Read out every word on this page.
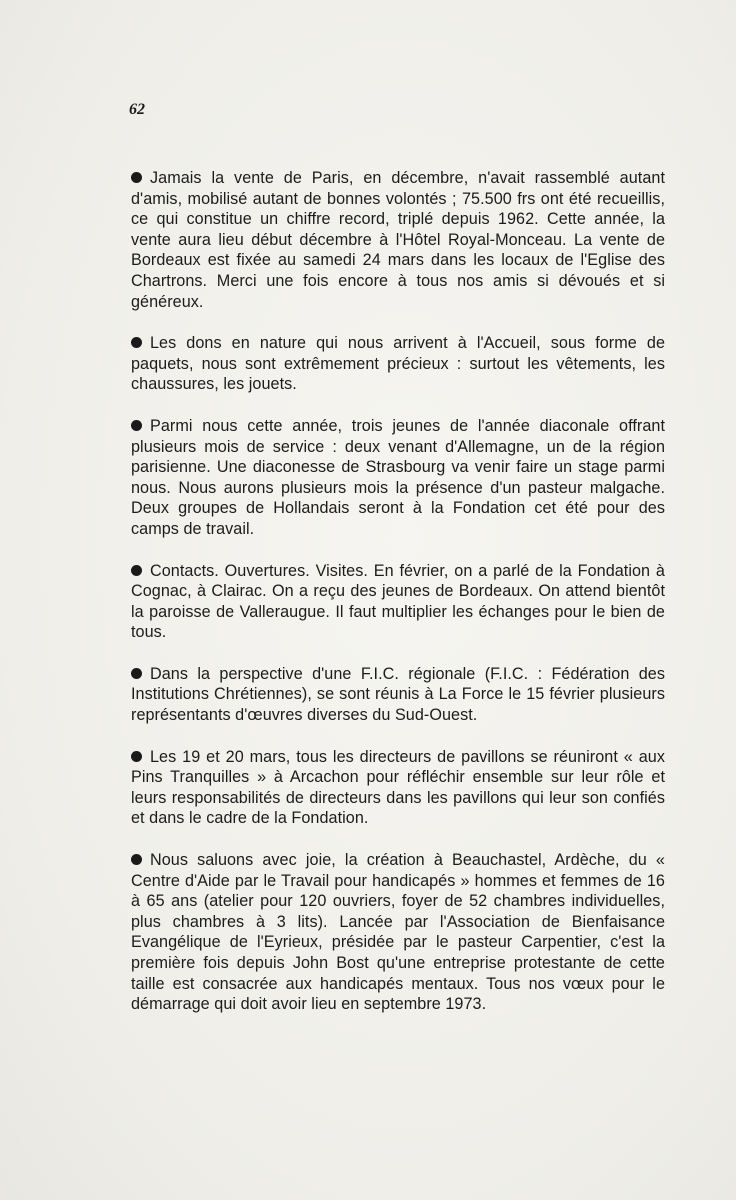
62

Jamais la vente de Paris, en décembre, n'avait rassemblé autant d'amis, mobilisé autant de bonnes volontés ; 75.500 frs ont été recueillis, ce qui constitue un chiffre record, triplé depuis 1962. Cette année, la vente aura lieu début décembre à l'Hôtel Royal-Monceau. La vente de Bordeaux est fixée au samedi 24 mars dans les locaux de l'Eglise des Chartrons. Merci une fois encore à tous nos amis si dévoués et si généreux.

Les dons en nature qui nous arrivent à l'Accueil, sous forme de paquets, nous sont extrêmement précieux : surtout les vêtements, les chaussures, les jouets.

Parmi nous cette année, trois jeunes de l'année diaconale offrant plusieurs mois de service : deux venant d'Allemagne, un de la région parisienne. Une diaconesse de Strasbourg va venir faire un stage parmi nous. Nous aurons plusieurs mois la présence d'un pasteur malgache. Deux groupes de Hollandais seront à la Fondation cet été pour des camps de travail.

Contacts. Ouvertures. Visites. En février, on a parlé de la Fondation à Cognac, à Clairac. On a reçu des jeunes de Bordeaux. On attend bientôt la paroisse de Valleraugue. Il faut multiplier les échanges pour le bien de tous.

Dans la perspective d'une F.I.C. régionale (F.I.C. : Fédération des Institutions Chrétiennes), se sont réunis à La Force le 15 février plusieurs représentants d'œuvres diverses du Sud-Ouest.

Les 19 et 20 mars, tous les directeurs de pavillons se réuniront « aux Pins Tranquilles » à Arcachon pour réfléchir ensemble sur leur rôle et leurs responsabilités de directeurs dans les pavillons qui leur son confiés et dans le cadre de la Fondation.

Nous saluons avec joie, la création à Beauchastel, Ardèche, du « Centre d'Aide par le Travail pour handicapés » hommes et femmes de 16 à 65 ans (atelier pour 120 ouvriers, foyer de 52 chambres individuelles, plus chambres à 3 lits). Lancée par l'Association de Bienfaisance Evangélique de l'Eyrieux, présidée par le pasteur Carpentier, c'est la première fois depuis John Bost qu'une entreprise protestante de cette taille est consacrée aux handicapés mentaux. Tous nos vœux pour le démarrage qui doit avoir lieu en septembre 1973.
